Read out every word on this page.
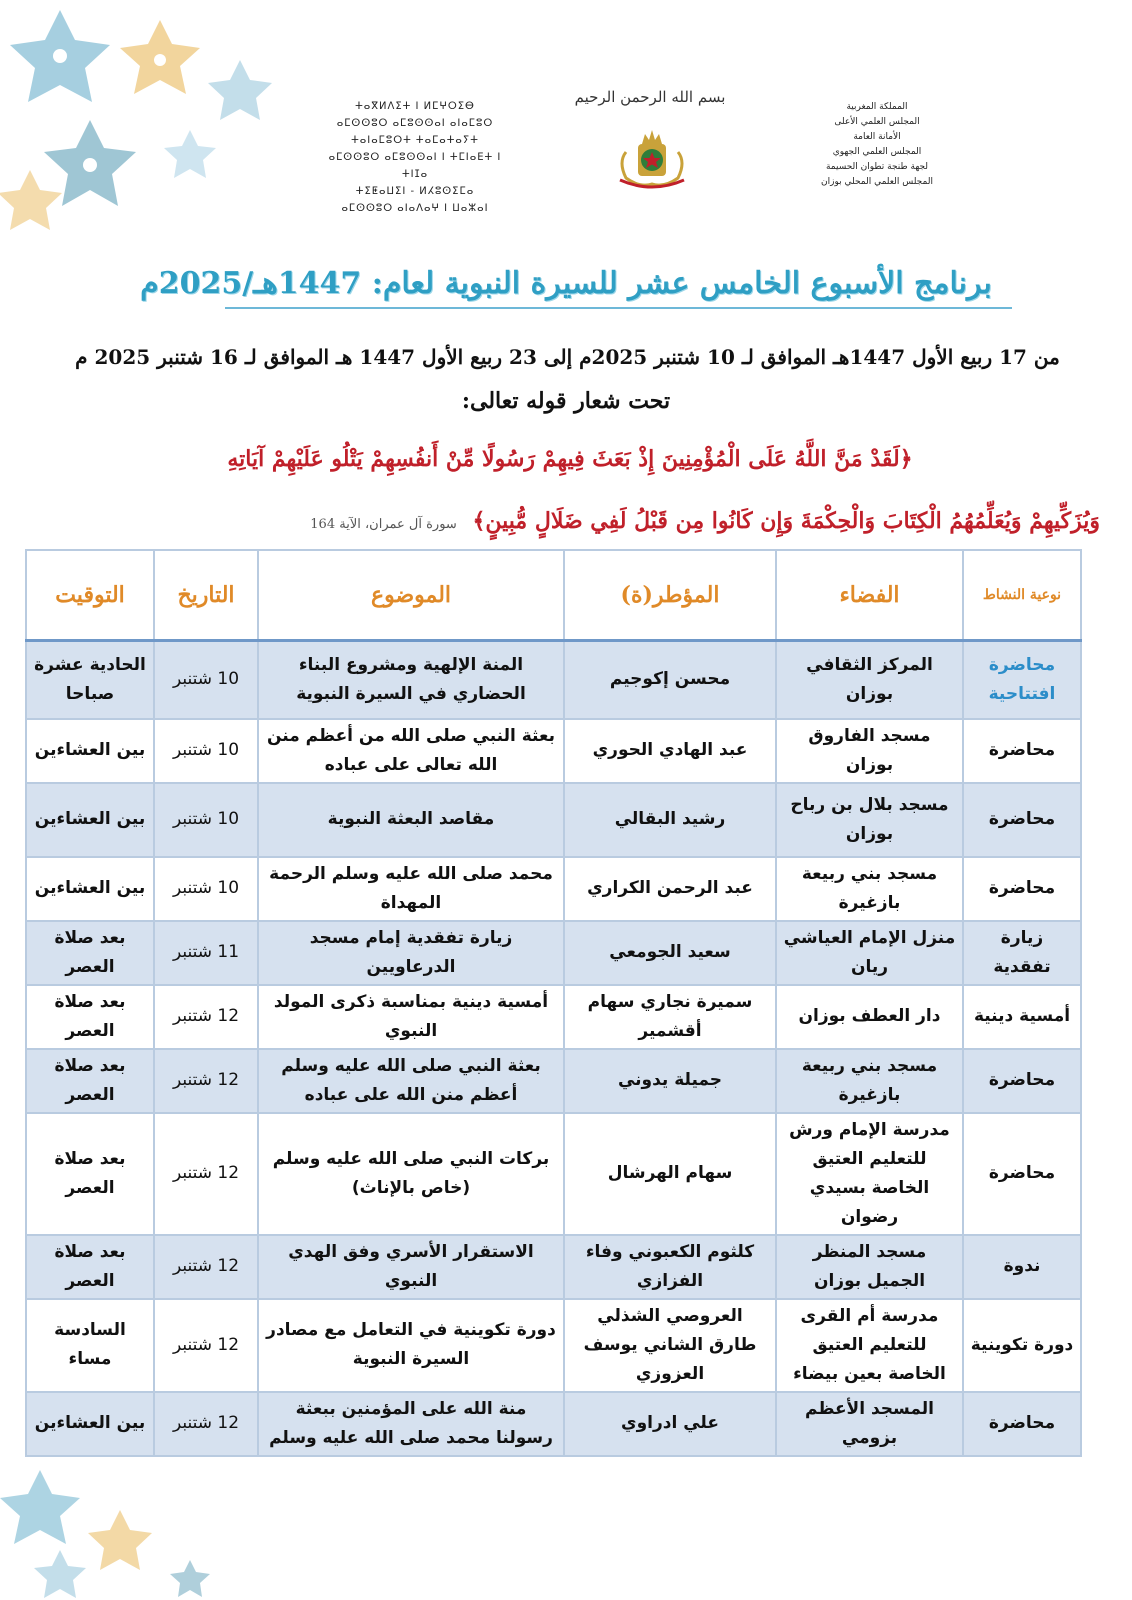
المملكة المغربية
المجلس العلمي الأعلى
الأمانة العامة
المجلس العلمي الجهوي
لجهة طنجة تطوان الحسيمة
المجلس العلمي المحلي بوزان
ⵜⴰⴳⵍⴷⵉⵜ ⵏ ⵍⵎⵖⵔⵉⴱ
ⴰⵎⵙⵙⵓⵔ ⴰⵎⵓⵙⵙⴰⵏ ⴰⵏⴰⵎⵓⵔ
ⵜⴰⵏⴰⵎⵓⵔⵜ ⵜⴰⵎⴰⵜⴰⵢⵜ
ⴰⵎⵙⵙⵓⵔ ⴰⵎⵓⵙⵙⴰⵏ ⵏ ⵜⵎⵏⴰⴹⵜ ⵏ ⵜⵏⵊⴰ
ⵜⵉⵟⴰⵡⵉⵏ - ⵍⵃⵓⵙⵉⵎⴰ
ⴰⵎⵙⵙⵓⵔ ⴰⵏⴰⴷⴰⵖ ⵏ ⵡⴰⵣⴰⵏ
بسم الله الرحمن الرحيم
برنامج الأسبوع الخامس عشر للسيرة النبوية لعام: 1447هـ/2025م
من 17 ربيع الأول 1447هـ الموافق لـ 10 شتنبر 2025م إلى 23 ربيع الأول 1447 هـ الموافق لـ 16 شتنبر 2025 م
تحت شعار قوله تعالى:
﴿لَقَدْ مَنَّ اللَّهُ عَلَى الْمُؤْمِنِينَ إِذْ بَعَثَ فِيهِمْ رَسُولًا مِّنْ أَنفُسِهِمْ يَتْلُو عَلَيْهِمْ آيَاتِهِ
وَيُزَكِّيهِمْ وَيُعَلِّمُهُمُ الْكِتَابَ وَالْحِكْمَةَ وَإِن كَانُوا مِن قَبْلُ لَفِي ضَلَالٍ مُّبِينٍ﴾ سورة آل عمران، الآية 164
نوعية النشاط	الفضاء	المؤطر(ة)	الموضوع	التاريخ	التوقيت
محاضرة افتتاحية	المركز الثقافي بوزان	محسن إكوجيم	المنة الإلهية ومشروع البناء الحضاري في السيرة النبوية	10 شتنبر	الحادية عشرة صباحا
محاضرة	مسجد الفاروق بوزان	عبد الهادي الحوري	بعثة النبي صلى الله من أعظم منن الله تعالى على عباده	10 شتنبر	بين العشاءين
محاضرة	مسجد بلال بن رباح بوزان	رشيد البقالي	مقاصد البعثة النبوية	10 شتنبر	بين العشاءين
محاضرة	مسجد بني ربيعة بازغيرة	عبد الرحمن الكراري	محمد صلى الله عليه وسلم الرحمة المهداة	10 شتنبر	بين العشاءين
زيارة تفقدية	منزل الإمام العياشي ريان	سعيد الجومعي	زيارة تفقدية إمام مسجد الدرعاويين	11 شتنبر	بعد صلاة العصر
أمسية دينية	دار العطف بوزان	سميرة نجاري سهام أقشمير	أمسية دينية بمناسبة ذكرى المولد النبوي	12 شتنبر	بعد صلاة العصر
محاضرة	مسجد بني ربيعة بازغيرة	جميلة يدوني	بعثة النبي صلى الله عليه وسلم أعظم منن الله على عباده	12 شتنبر	بعد صلاة العصر
محاضرة	مدرسة الإمام ورش للتعليم العتيق الخاصة بسيدي رضوان	سهام الهرشال	بركات النبي صلى الله عليه وسلم (خاص بالإناث)	12 شتنبر	بعد صلاة العصر
ندوة	مسجد المنظر الجميل بوزان	كلثوم الكعبوني وفاء الفزازي	الاستقرار الأسري وفق الهدي النبوي	12 شتنبر	بعد صلاة العصر
دورة تكوينية	مدرسة أم القرى للتعليم العتيق الخاصة بعين بيضاء	العروصي الشذلي طارق الشاني يوسف العزوزي	دورة تكوينية في التعامل مع مصادر السيرة النبوية	12 شتنبر	السادسة مساء
محاضرة	المسجد الأعظم بزومي	علي ادراوي	منة الله على المؤمنين ببعثة رسولنا محمد صلى الله عليه وسلم	12 شتنبر	بين العشاءين
